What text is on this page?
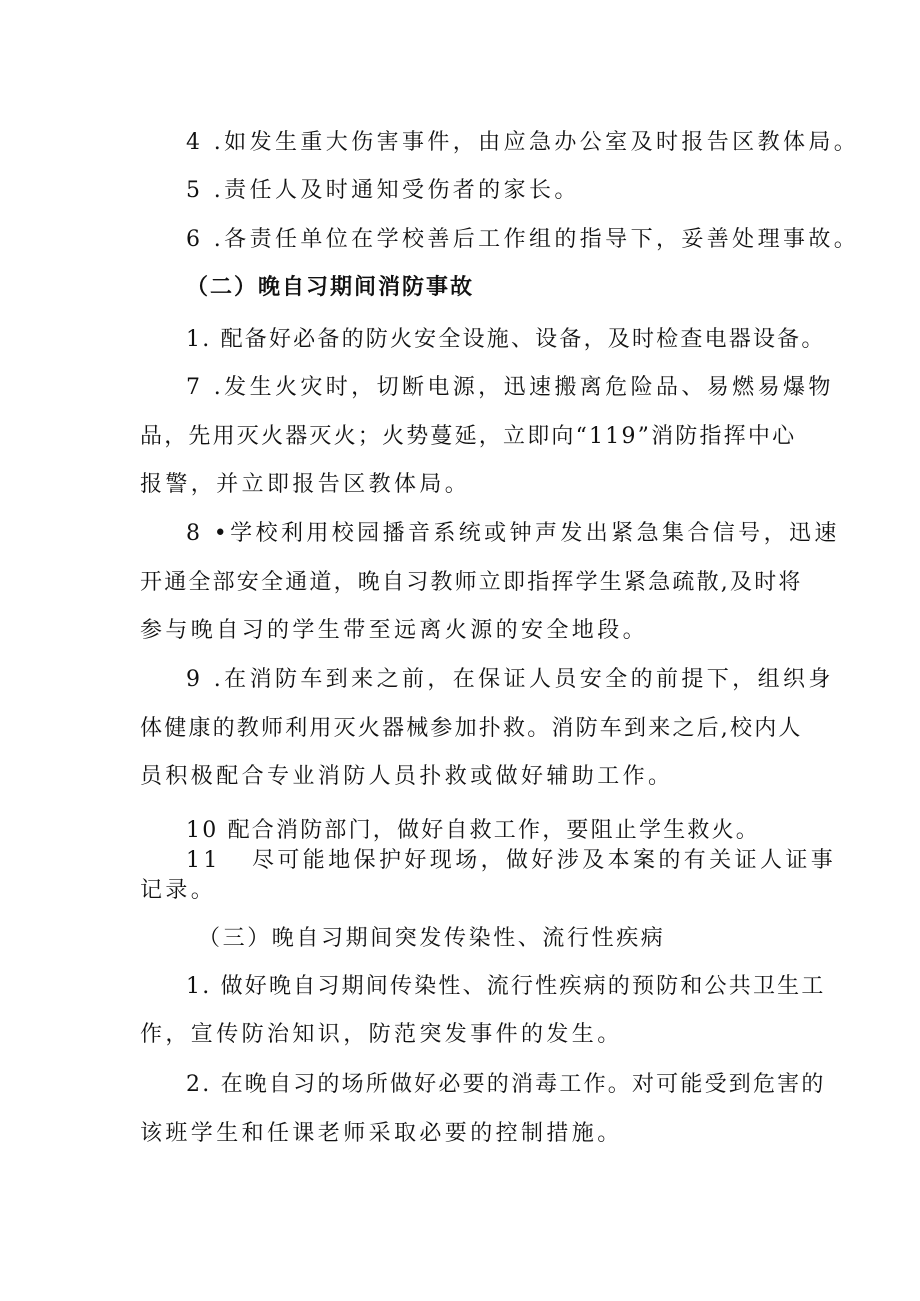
4 .如发生重大伤害事件，由应急办公室及时报告区教体局。

5 .责任人及时通知受伤者的家长。

6 .各责任单位在学校善后工作组的指导下，妥善处理事故。

（二）晚自习期间消防事故

1. 配备好必备的防火安全设施、设备，及时检查电器设备。

7 .发生火灾时，切断电源，迅速搬离危险品、易燃易爆物

品，先用灭火器灭火；火势蔓延，立即向“119”消防指挥中心

报警，并立即报告区教体局。

8 •学校利用校园播音系统或钟声发出紧急集合信号，迅速

开通全部安全通道，晚自习教师立即指挥学生紧急疏散,及时将

参与晚自习的学生带至远离火源的安全地段。

9 .在消防车到来之前，在保证人员安全的前提下，组织身

体健康的教师利用灭火器械参加扑救。消防车到来之后,校内人

员积极配合专业消防人员扑救或做好辅助工作。

10 配合消防部门，做好自救工作，要阻止学生救火。

11 尽可能地保护好现场，做好涉及本案的有关证人证事

记录。

（三）晚自习期间突发传染性、流行性疾病

1. 做好晚自习期间传染性、流行性疾病的预防和公共卫生工

作，宣传防治知识，防范突发事件的发生。

2. 在晚自习的场所做好必要的消毒工作。对可能受到危害的

该班学生和任课老师采取必要的控制措施。
